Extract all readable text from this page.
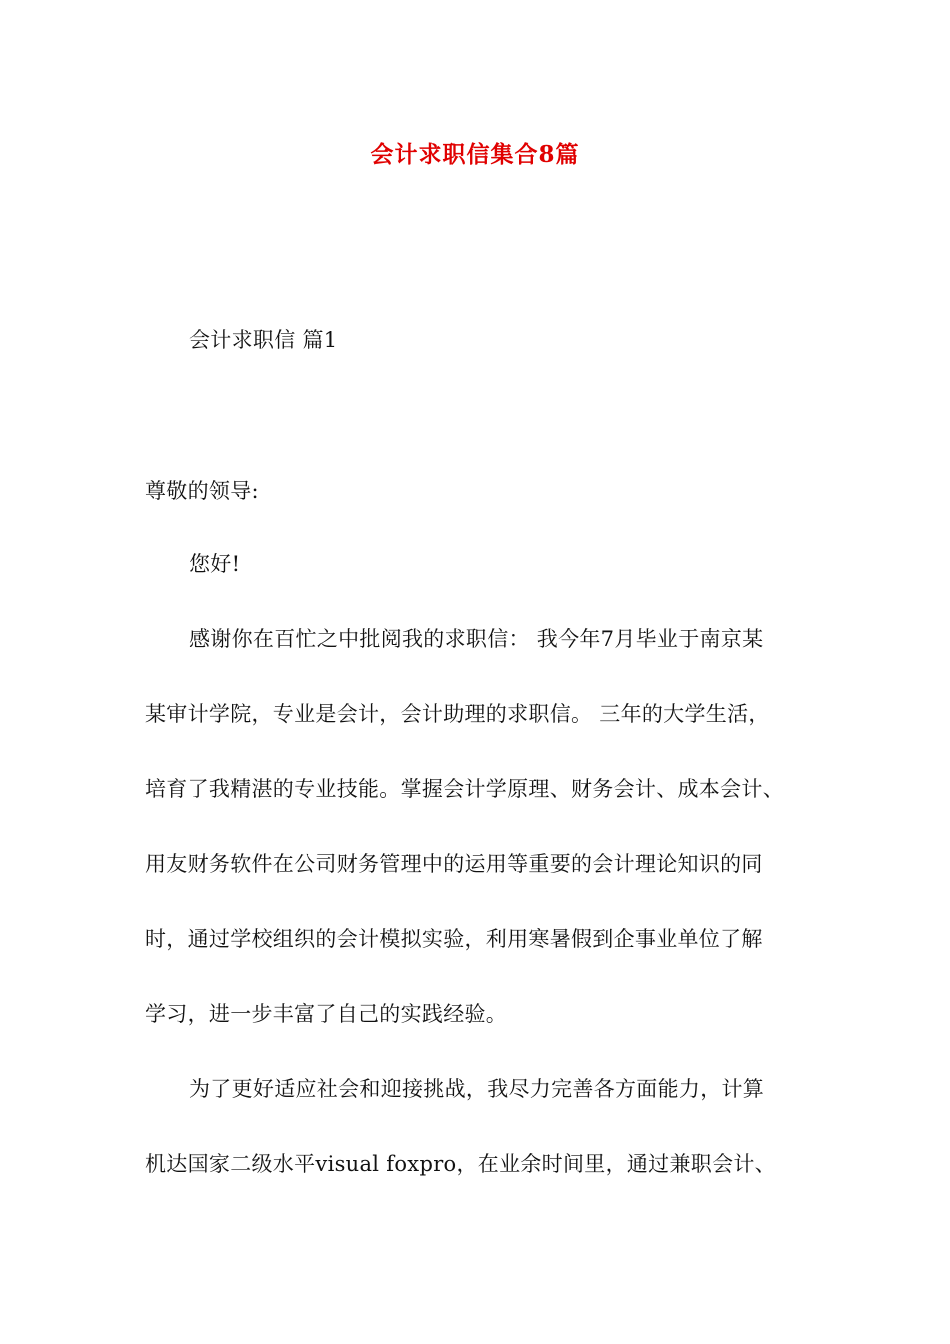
会计求职信集合8篇
会计求职信 篇1
尊敬的领导:
您好!
感谢你在百忙之中批阅我的求职信： 我今年7月毕业于南京某
某审计学院，专业是会计，会计助理的求职信。 三年的大学生活，
培育了我精湛的专业技能。掌握会计学原理、财务会计、成本会计、
用友财务软件在公司财务管理中的运用等重要的会计理论知识的同
时，通过学校组织的会计模拟实验，利用寒暑假到企事业单位了解
学习，进一步丰富了自己的实践经验。
为了更好适应社会和迎接挑战，我尽力完善各方面能力，计算
机达国家二级水平visual foxpro，在业余时间里，通过兼职会计、
